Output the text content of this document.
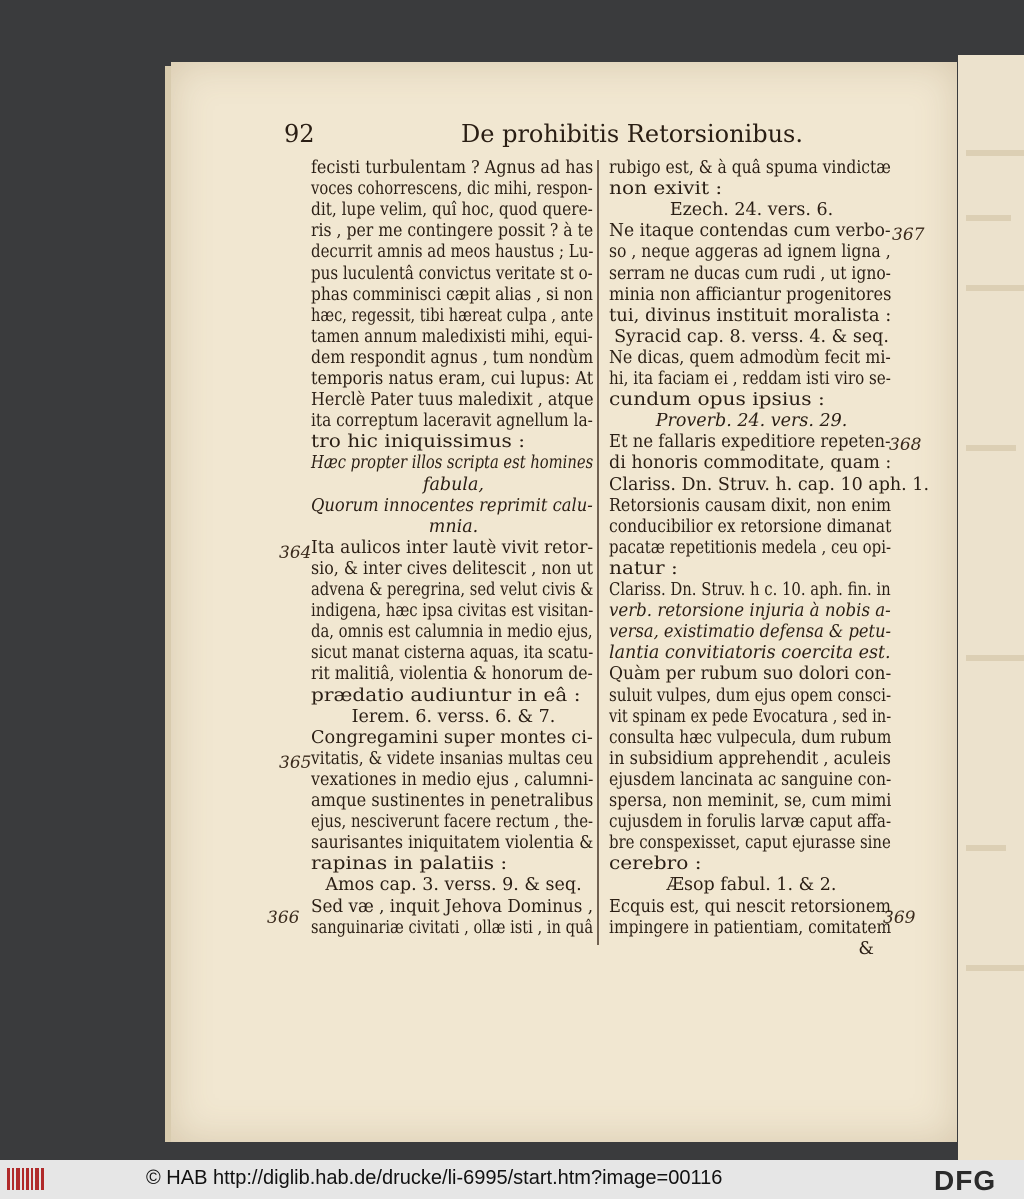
92	De prohibitis Retorsionibus.
fecisti turbulentam ? Agnus ad has
voces cohorrescens, dic mihi, respon-
dit, lupe velim, quî hoc, quod quere-
ris , per me contingere possit ? à te
decurrit amnis ad meos haustus ; Lu-
pus luculentâ convictus veritate st o-
phas comminisci cæpit alias , si non
hæc, regessit, tibi hæreat culpa , ante
tamen annum maledixisti mihi, equi-
dem respondit agnus , tum nondùm
temporis natus eram, cui lupus: At
Herclè Pater tuus maledixit , atque
ita correptum laceravit agnellum la-
tro hic iniquissimus :
Hæc propter illos scripta est homines
fabula,
Quorum innocentes reprimit calu-
mnia.
Ita aulicos inter lautè vivit retor-
sio, & inter cives delitescit , non ut
advena & peregrina, sed velut civis &
indigena, hæc ipsa civitas est visitan-
da, omnis est calumnia in medio ejus,
sicut manat cisterna aquas, ita scatu-
rit malitiâ, violentia & honorum de-
prædatio audiuntur in eâ :
Ierem. 6. verss. 6. & 7.
Congregamini super montes ci-
vitatis, & videte insanias multas ceu
vexationes in medio ejus , calumni-
amque sustinentes in penetralibus
ejus, nesciverunt facere rectum , the-
saurisantes iniquitatem violentia &
rapinas in palatiis :
Amos cap. 3. verss. 9. & seq.
Sed væ , inquit Jehova Dominus ,
sanguinariæ civitati , ollæ isti , in quâ
rubigo est, & à quâ spuma vindictæ
non exivit :
Ezech. 24. vers. 6.
Ne itaque contendas cum verbo-
so , neque aggeras ad ignem ligna ,
serram ne ducas cum rudi , ut igno-
minia non afficiantur progenitores
tui, divinus instituit moralista :
Syracid cap. 8. verss. 4. & seq.
Ne dicas, quem admodùm fecit mi-
hi, ita faciam ei , reddam isti viro se-
cundum opus ipsius :
Proverb. 24. vers. 29.
Et ne fallaris expeditiore repeten-
di honoris commoditate, quam :
Clariss. Dn. Struv. h. cap. 10 aph. 1.
Retorsionis causam dixit, non enim
conducibilior ex retorsione dimanat
pacatæ repetitionis medela , ceu opi-
natur :
Clariss. Dn. Struv. h c. 10. aph. fin. in
verb. retorsione injuria à nobis a-
versa, existimatio defensa & petu-
lantia convitiatoris coercita est.
Quàm per rubum suo dolori con-
suluit vulpes, dum ejus opem consci-
vit spinam ex pede Evocatura , sed in-
consulta hæc vulpecula, dum rubum
in subsidium apprehendit , aculeis
ejusdem lancinata ac sanguine con-
spersa, non meminit, se, cum mimi
cujusdem in forulis larvæ caput affa-
bre conspexisset, caput ejurasse sine
cerebro :
Æsop fabul. 1. & 2.
Ecquis est, qui nescit retorsionem
impingere in patientiam, comitatem
&
364
365
366
367
368
369
© HAB http://diglib.hab.de/drucke/li-6995/start.htm?image=00116	DFG
